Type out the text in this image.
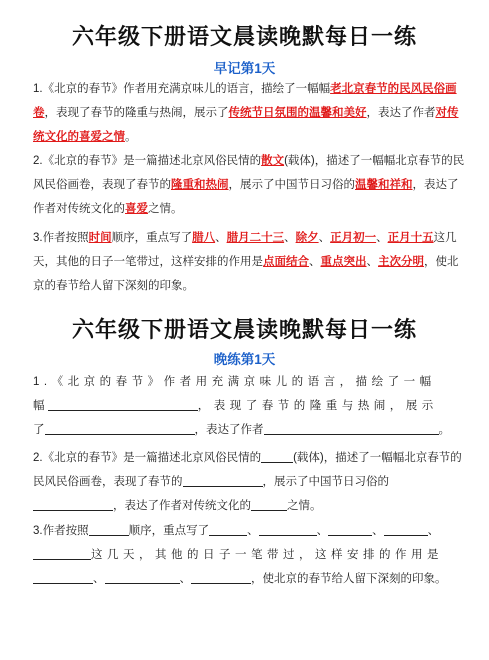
六年级下册语文晨读晚默每日一练
早记第1天
1.《北京的春节》作者用充满京味儿的语言，描绘了一幅幅老北京春节的民风民俗画卷，表现了春节的隆重与热闹，展示了传统节日氛围的温馨和美好，表达了作者对传统文化的喜爱之情。
2.《北京的春节》是一篇描述北京风俗民情的散文(载体)，描述了一幅幅北京春节的民风民俗画卷，表现了春节的隆重和热闹，展示了中国节日习俗的温馨和祥和，表达了作者对传统文化的喜爱之情。
3.作者按照时间顺序，重点写了腊八、腊月二十三、除夕、正月初一、正月十五这几天，其他的日子一笔带过，这样安排的作用是点面结合、重点突出、主次分明，使北京的春节给人留下深刻的印象。
六年级下册语文晨读晚默每日一练
晚练第1天
1.《北京的春节》作者用充满京味儿的语言，描绘了一幅
幅	，表现了春节的隆重与热闹，展示
了	，表达了作者	。
2.《北京的春节》是一篇描述北京风俗民情的	(载体)，描述了一幅幅北京春节的民风民俗画卷，表现了春节的	，展示了中国节日习俗的，表达了作者对传统文化的	之情。
3.作者按照	顺序，重点写了	、	、	、	、这几天，其他的日子一笔带过，这样安排的作用是、	、	，使北京的春节给人留下深刻的印象。
